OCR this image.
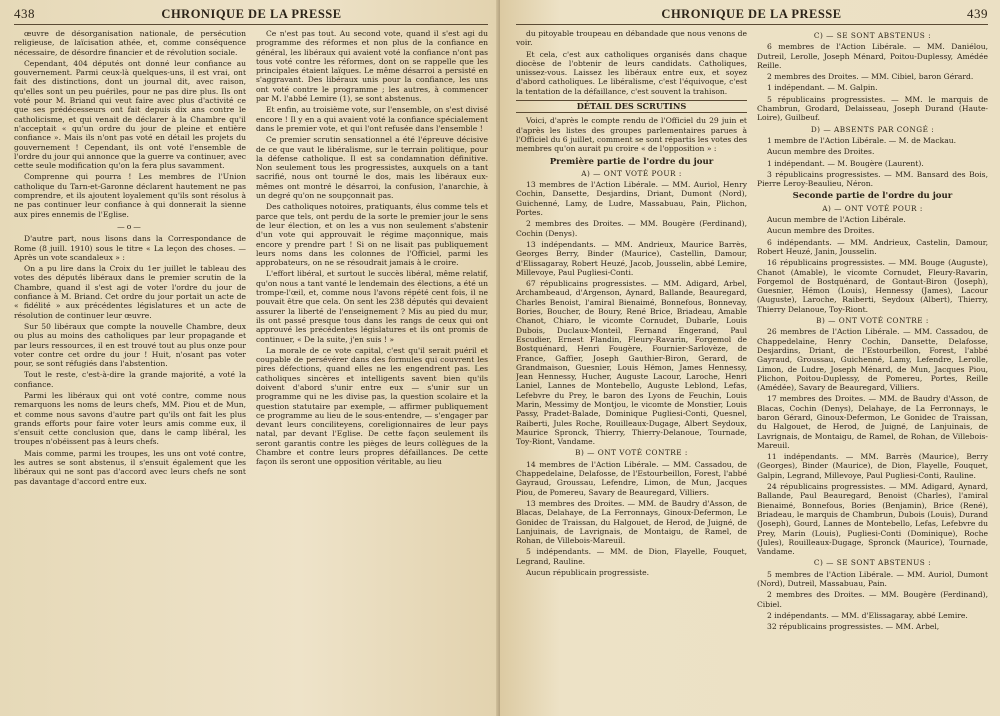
438	CHRONIQUE DE LA PRESSE

œuvre de désorganisation nationale, de persécution religieuse, de laïcisation athée, et, comme conséquence nécessaire, de désordre financier et de révolution sociale.

Cependant, 404 députés ont donné leur confiance au gouvernement. Parmi ceux-là quelques-uns, il est vrai, ont fait des distinctions, dont un journal dit, avec raison, qu'elles sont un peu puériles, pour ne pas dire plus. Ils ont voté pour M. Briand qui veut faire avec plus d'activité ce que ses prédécesseurs ont fait depuis dix ans contre le catholicisme, et qui venait de déclarer à la Chambre qu'il n'acceptait « qu'un ordre du jour de pleine et entière confiance ». Mais ils n'ont pas voté en détail les projets du gouvernement ! Cependant, ils ont voté l'ensemble de l'ordre du jour qui annonce que la guerre va continuer, avec cette seule modification qu'on la fera plus savamment.

Comprenne qui pourra ! Les membres de l'Union catholique du Tarn-et-Garonne déclarent hautement ne pas comprendre, et ils ajoutent loyalement qu'ils sont résolus à ne pas continuer leur confiance à qui donnerait la sienne aux pires ennemis de l'Eglise.

—o—

D'autre part, nous lisons dans la Correspondance de Rome (8 juill. 1910) sous le titre « La leçon des choses. — Après un vote scandaleux » :

On a pu lire dans la Croix du 1er juillet le tableau des votes des députés libéraux dans le premier scrutin de la Chambre, quand il s'est agi de voter l'ordre du jour de confiance à M. Briand. Cet ordre du jour portait un acte de « fidélité » aux précédentes législatures et un acte de résolution de continuer leur œuvre.

Sur 50 libéraux que compte la nouvelle Chambre, deux ou plus au moins des catholiques par leur propagande et par leurs ressources, il en est trouvé tout au plus onze pour voter contre cet ordre du jour ! Huit, n'osant pas voter pour, se sont réfugiés dans l'abstention.

Tout le reste, c'est-à-dire la grande majorité, a voté la confiance.

Parmi les libéraux qui ont voté contre, comme nous remarquons les noms de leurs chefs, MM. Piou et de Mun, et comme nous savons d'autre part qu'ils ont fait les plus grands efforts pour faire voter leurs amis comme eux, il s'ensuit cette conclusion que, dans le camp libéral, les troupes n'obéissent pas à leurs chefs.

Mais comme, parmi les troupes, les uns ont voté contre, les autres se sont abstenus, il s'ensuit également que les libéraux qui ne sont pas d'accord avec leurs chefs ne sont pas davantage d'accord entre eux.

Ce n'est pas tout. Au second vote, quand il s'est agi du programme des réformes et non plus de la confiance en général, les libéraux qui avaient voté la confiance n'ont pas tous voté contre les réformes, dont on se rappelle que les principales étaient laïques. Le même désarroi a persisté en s'aggravant. Des libéraux unis pour la confiance, les uns ont voté contre le programme ; les autres, à commencer par M. l'abbé Lemire (1), se sont abstenus.

Et enfin, au troisième vote, sur l'ensemble, on s'est divisé encore ! Il y en a qui avaient voté la confiance spécialement dans le premier vote, et qui l'ont refusée dans l'ensemble !

Ce premier scrutin sensationnel a été l'épreuve décisive de ce que vaut le libéralisme, sur le terrain politique, pour la défense catholique. Il est sa condamnation définitive. Non seulement tous les progressistes, auxquels on a tant sacrifié, nous ont tourné le dos, mais les libéraux eux-mêmes ont montré le désarroi, la confusion, l'anarchie, à un degré qu'on ne soupçonnait pas.

Des catholiques notoires, pratiquants, élus comme tels et parce que tels, ont perdu de la sorte le premier jour le sens de leur élection, et on les a vus non seulement s'abstenir d'un vote qui approuvait le régime maçonnique, mais encore y prendre part ! Si on ne lisait pas publiquement leurs noms dans les colonnes de l'Officiel, parmi les approbateurs, on ne se résoudrait jamais à le croire.

L'effort libéral, et surtout le succès libéral, même relatif, qu'on nous a tant vanté le lendemain des élections, a été un trompe-l'œil, et, comme nous l'avons répété cent fois, il ne pouvait être que cela. On sent les 238 députés qui devaient assurer la liberté de l'enseignement ? Mis au pied du mur, ils ont passé presque tous dans les rangs de ceux qui ont approuvé les précédentes législatures et ils ont promis de continuer, « De la suite, j'en suis ! »

La morale de ce vote capital, c'est qu'il serait puéril et coupable de persévérer dans des formules qui couvrent les pires défections, quand elles ne les engendrent pas. Les catholiques sincères et intelligents savent bien qu'ils doivent d'abord s'unir entre eux — s'unir sur un programme qui ne les divise pas, la question scolaire et la question statutaire par exemple, — affirmer publiquement ce programme au lieu de le sous-entendre, — s'engager par devant leurs conciliteyens, coreligionnaires de leur pays natal, par devant l'Eglise. De cette façon seulement ils seront garantis contre les pièges de leurs collègues de la Chambre et contre leurs propres défaillances. De cette façon ils seront une opposition véritable, au lieu

CHRONIQUE DE LA PRESSE	439

du pitoyable troupeau en débandade que nous venons de voir.

Et cela, c'est aux catholiques organisés dans chaque diocèse de l'obtenir de leurs candidats. Catholiques, unissez-vous. Laissez les libéraux entre eux, et soyez d'abord catholiques. Le libéralisme, c'est l'équivoque, c'est la tentation de la défaillance, c'est souvent la trahison.

DÉTAIL DES SCRUTINS

Voici, d'après le compte rendu de l'Officiel du 29 juin et d'après les listes des groupes parlementaires parues à l'Officiel du 6 juillet, comment se sont répartis les votes des membres qu'on aurait pu croire « de l'opposition » :

Première partie de l'ordre du jour
A) — ONT VOTÉ POUR :

13 membres de l'Action Libérale. — MM. Auriol, Henry Cochin, Dansette, Desjardins, Driant, Dumont (Nord), Guichenné, Lamy, de Ludre, Massabuau, Pain, Plichon, Portes.

2 membres des Droites. — MM. Bougère (Ferdinand), Cochin (Denys).

13 indépendants. — MM. Andrieux, Maurice Barrès, Georges Berry, Binder (Maurice), Castellin, Damour, d'Elissagaray, Robert Heuzé, Jacob, Jousselin, abbé Lemire, Millevoye, Paul Pugliesi-Conti.

67 républicains progressistes. — MM. Adigard, Arbel, Archambeaud, d'Argenson, Aynard, Ballande, Beauregard, Charles Benoist, l'amiral Bienaimé, Bonnefous, Bonnevay, Bories, Boucher, de Boury, René Brice, Briadeau, Amable Chanot, Chiaro, le vicomte Cornudet, Dubarle, Louis Dubois, Duclaux-Monteil, Fernand Engerand, Paul Escudier, Ernest Flandin, Fleury-Ravarin, Forgemol de Bostquénard, Henri Fougère, Fournier-Sarlovèze, de France, Gaffier, Joseph Gauthier-Biron, Gerard, de Grandmaison, Guesnier, Louis Hémon, James Hennessy, Jean Hennessy, Hucher, Auguste Lacour, Laroche, Henri Laniel, Lannes de Montebello, Auguste Leblond, Lefas, Lefebvre du Prey, le baron des Lyons de Feuchin, Louis Marin, Messimy de Montjou, le vicomte de Monstier, Louis Passy, Pradet-Balade, Dominique Pugliesi-Conti, Quesnel, Raiberti, Jules Roche, Rouilleaux-Dugage, Albert Seydoux, Maurice Spronck, Thierry, Thierry-Delanoue, Tournade, Toy-Riont, Vandame.

B) — ONT VOTÉ CONTRE :

14 membres de l'Action Libérale. — MM. Cassadou, de Chappedelaine, Delafosse, de l'Estourbeillon, Forest, l'abbé Gayraud, Groussau, Lefendre, Limon, de Mun, Jacques Piou, de Pomereu, Savary de Beauregard, Villiers.

13 membres des Droites. — MM. de Baudry d'Asson, de Blacas, Delahaye, de La Ferronnays, Ginoux-Defermon, Le Gonidec de Traissan, du Halgouet, de Herod, de Juigné, de Lanjuinais, de Lavrignais, de Montaigu, de Ramel, de Rohan, de Villebois-Mareuil.

5 indépendants. — MM. de Dion, Flayelle, Fouquet, Legrand, Rauline.

Aucun républicain progressiste.

C) — SE SONT ABSTENUS :

6 membres de l'Action Libérale. — MM. Daniélou, Dutreil, Lerolle, Joseph Ménard, Poitou-Duplessy, Amédée Reille.

2 membres des Droites. — MM. Cibiel, baron Gérard.

1 indépendant. — M. Galpin.

5 républicains progressistes. — MM. le marquis de Chambrun, Grodard, Delaisseau, Joseph Durand (Haute-Loire), Guilbeuf.

D) — ABSENTS PAR CONGÉ :

1 membre de l'Action Libérale. — M. de Mackau.

Aucun membre des Droites.

1 indépendant. — M. Bougère (Laurent).

3 républicains progressistes. — MM. Bansard des Bois, Pierre Leroy-Beaulieu, Néron.

Seconde partie de l'ordre du jour
A) — ONT VOTÉ POUR :

Aucun membre de l'Action Libérale.

Aucun membre des Droites.

6 indépendants. — MM. Andrieux, Castelin, Damour, Robert Heuzé, Janin, Jousselin.

16 républicains progressistes. — MM. Bouge (Auguste), Chanot (Amable), le vicomte Cornudet, Fleury-Ravarin, Forgemol de Bostquénard, de Gontaut-Biron (Joseph), Guesnier, Hémon (Louis), Hennessy (James), Lacour (Auguste), Laroche, Raiberti, Seydoux (Albert), Thierry, Thierry Delanoue, Toy-Riont.

B) — ONT VOTÉ CONTRE :

26 membres de l'Action Libérale. — MM. Cassadou, de Chappedelaine, Henry Cochin, Dansette, Delafosse, Desjardins, Driant, de l'Estourbeillon, Forest, l'abbé Gayraud, Groussau, Guichenné, Lamy, Lefendre, Lerolle, Limon, de Ludre, Joseph Ménard, de Mun, Jacques Piou, Plichon, Poitou-Duplessy, de Pomereu, Portes, Reille (Amédée), Savary de Beauregard, Villiers.

17 membres des Droites. — MM. de Baudry d'Asson, de Blacas, Cochin (Denys), Delahaye, de La Ferronnays, le baron Gérard, Ginoux-Defermon, Le Gonidec de Traissan, du Halgouet, de Herod, de Juigné, de Lanjuinais, de Lavrignais, de Montaigu, de Ramel, de Rohan, de Villebois-Mareuil.

11 indépendants. — MM. Barrès (Maurice), Berry (Georges), Binder (Maurice), de Dion, Flayelle, Fouquet, Galpin, Legrand, Millevoye, Paul Pugliesi-Conti, Rauline.

24 républicains progressistes. — MM. Adigard, Aynard, Ballande, Paul Beauregard, Benoist (Charles), l'amiral Bienaimé, Bonnefous, Bories (Benjamin), Brice (René), Briadeau, le marquis de Chambrun, Dubois (Louis), Durand (Joseph), Gourd, Lannes de Montebello, Lefas, Lefebvre du Prey, Marin (Louis), Pugliesi-Conti (Dominique), Roche (Jules), Rouilleaux-Dugage, Spronck (Maurice), Tournade, Vandame.

C) — SE SONT ABSTENUS :

5 membres de l'Action Libérale. — MM. Auriol, Dumont (Nord), Dutreil, Massabuau, Pain.

2 membres des Droites. — MM. Bougère (Ferdinand), Cibiel.

2 indépendants. — MM. d'Elissagaray, abbé Lemire.

32 républicains progressistes. — MM. Arbel,
